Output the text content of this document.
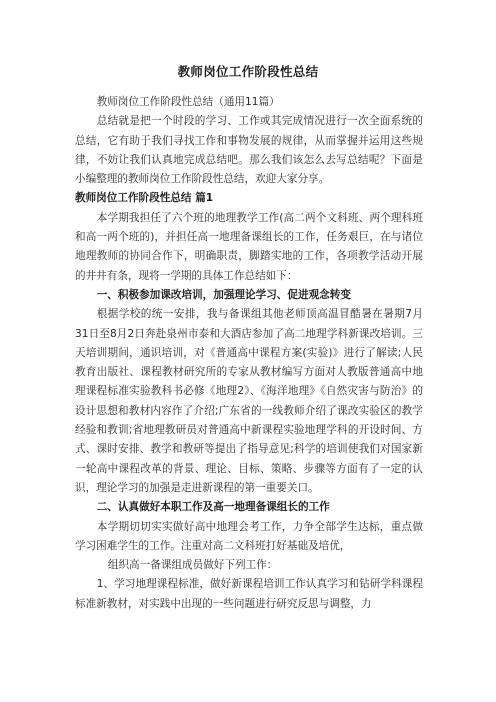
教师岗位工作阶段性总结

教师岗位工作阶段性总结（通用11篇）

总结就是把一个时段的学习、工作或其完成情况进行一次全面系统的总结，它有助于我们寻找工作和事物发展的规律，从而掌握并运用这些规律，不妨让我们认真地完成总结吧。那么我们该怎么去写总结呢？下面是小编整理的教师岗位工作阶段性总结，欢迎大家分享。

教师岗位工作阶段性总结 篇1

本学期我担任了六个班的地理教学工作(高二两个文科班、两个理科班和高一两个班的)，并担任高一地理备课组长的工作，任务艰巨，在与诸位地理教师的协同合作下，明确职责，脚踏实地的工作，各项教学活动开展的井井有条，现将一学期的具体工作总结如下：

一、积极参加课改培训，加强理论学习、促进观念转变

根据学校的统一安排，我与备课组其他老师顶高温冒酷暑在暑期7月31日至8月2日奔赴泉州市泰和大酒店参加了高二地理学科新课改培训。三天培训期间，通识培训，对《普通高中课程方案(实验)》进行了解读;人民教育出版社、课程教材研究所的专家从教材编写方面对人教版普通高中地理课程标准实验教科书必修《地理2》、《海洋地理》《自然灾害与防治》的设计思想和教材内容作了介绍;广东省的一线教师介绍了课改实验区的教学经验和教训;省地理教研员对普通高中新课程实验地理学科的开设时间、方式、课时安排、教学和教研等提出了指导意见;科学的培训使我们对国家新一轮高中课程改革的背景、理论、目标、策略、步骤等方面有了一定的认识，理论学习的加强是走进新课程的第一重要关口。

二、认真做好本职工作及高一地理备课组长的工作

本学期切切实实做好高中地理会考工作，力争全部学生达标，重点做学习困难学生的工作。注重对高二文科班打好基础及培优，

组织高一备课组成员做好下列工作：

1、学习地理课程标准，做好新课程培训工作认真学习和钻研学科课程标准新教材，对实践中出现的一些问题进行研究反思与调整，力
